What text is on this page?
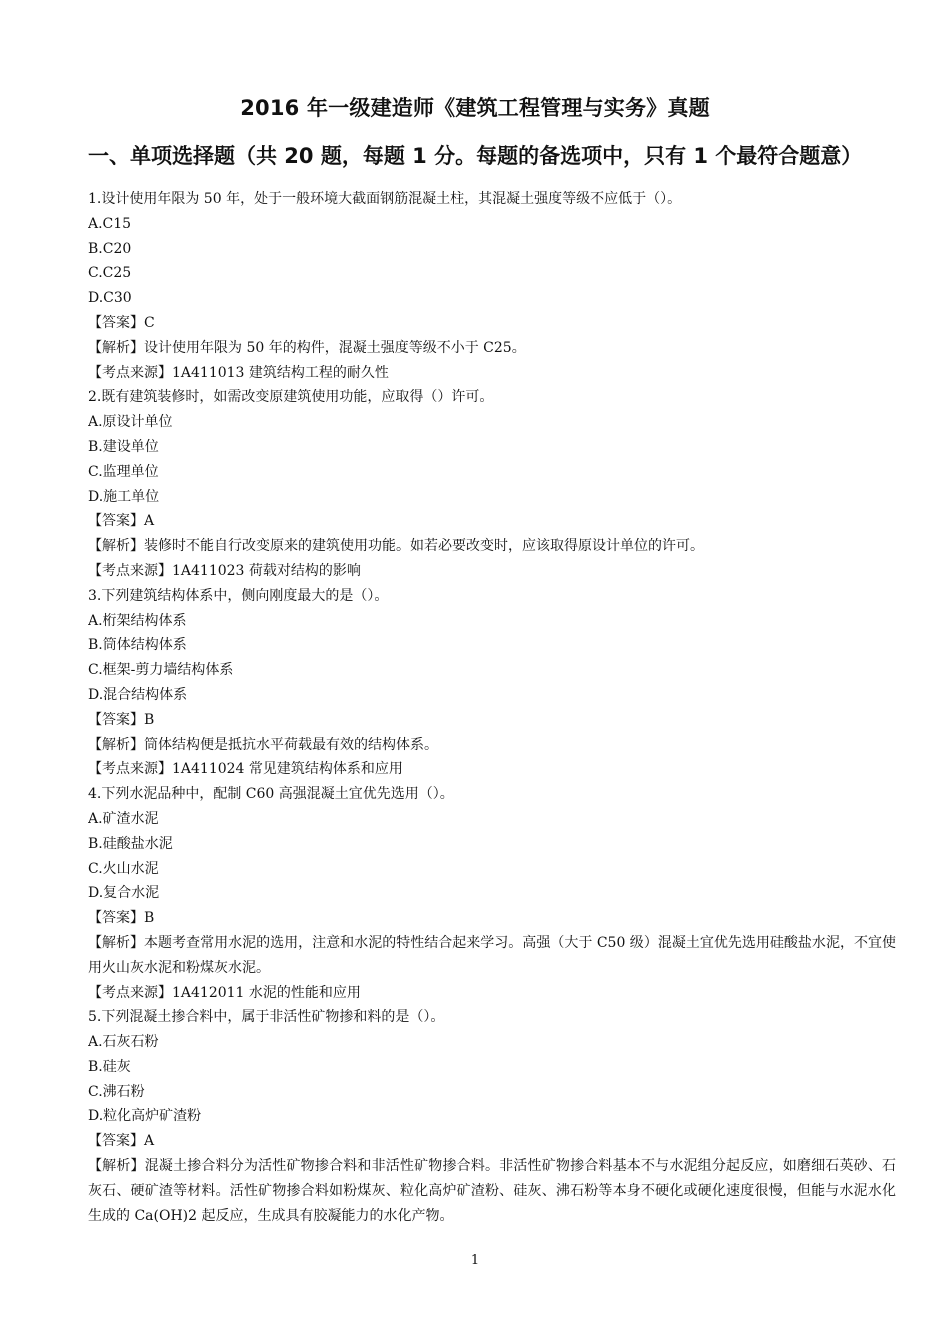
2016 年一级建造师《建筑工程管理与实务》真题
一、单项选择题（共 20 题，每题 1 分。每题的备选项中，只有 1 个最符合题意）
1.设计使用年限为 50 年，处于一般环境大截面钢筋混凝土柱，其混凝土强度等级不应低于（）。
A.C15
B.C20
C.C25
D.C30
【答案】C
【解析】设计使用年限为 50 年的构件，混凝土强度等级不小于 C25。
【考点来源】1A411013 建筑结构工程的耐久性
2.既有建筑装修时，如需改变原建筑使用功能，应取得（）许可。
A.原设计单位
B.建设单位
C.监理单位
D.施工单位
【答案】A
【解析】装修时不能自行改变原来的建筑使用功能。如若必要改变时，应该取得原设计单位的许可。
【考点来源】1A411023 荷载对结构的影响
3.下列建筑结构体系中，侧向刚度最大的是（）。
A.桁架结构体系
B.筒体结构体系
C.框架-剪力墙结构体系
D.混合结构体系
【答案】B
【解析】筒体结构便是抵抗水平荷载最有效的结构体系。
【考点来源】1A411024 常见建筑结构体系和应用
4.下列水泥品种中，配制 C60 高强混凝土宜优先选用（）。
A.矿渣水泥
B.硅酸盐水泥
C.火山水泥
D.复合水泥
【答案】B
【解析】本题考查常用水泥的选用，注意和水泥的特性结合起来学习。高强（大于 C50 级）混凝土宜优先选用硅酸盐水泥，不宜使用火山灰水泥和粉煤灰水泥。
【考点来源】1A412011 水泥的性能和应用
5.下列混凝土掺合料中，属于非活性矿物掺和料的是（）。
A.石灰石粉
B.硅灰
C.沸石粉
D.粒化高炉矿渣粉
【答案】A
【解析】混凝土掺合料分为活性矿物掺合料和非活性矿物掺合料。非活性矿物掺合料基本不与水泥组分起反应，如磨细石英砂、石灰石、硬矿渣等材料。活性矿物掺合料如粉煤灰、粒化高炉矿渣粉、硅灰、沸石粉等本身不硬化或硬化速度很慢，但能与水泥水化生成的 Ca(OH)2 起反应，生成具有胶凝能力的水化产物。
1
